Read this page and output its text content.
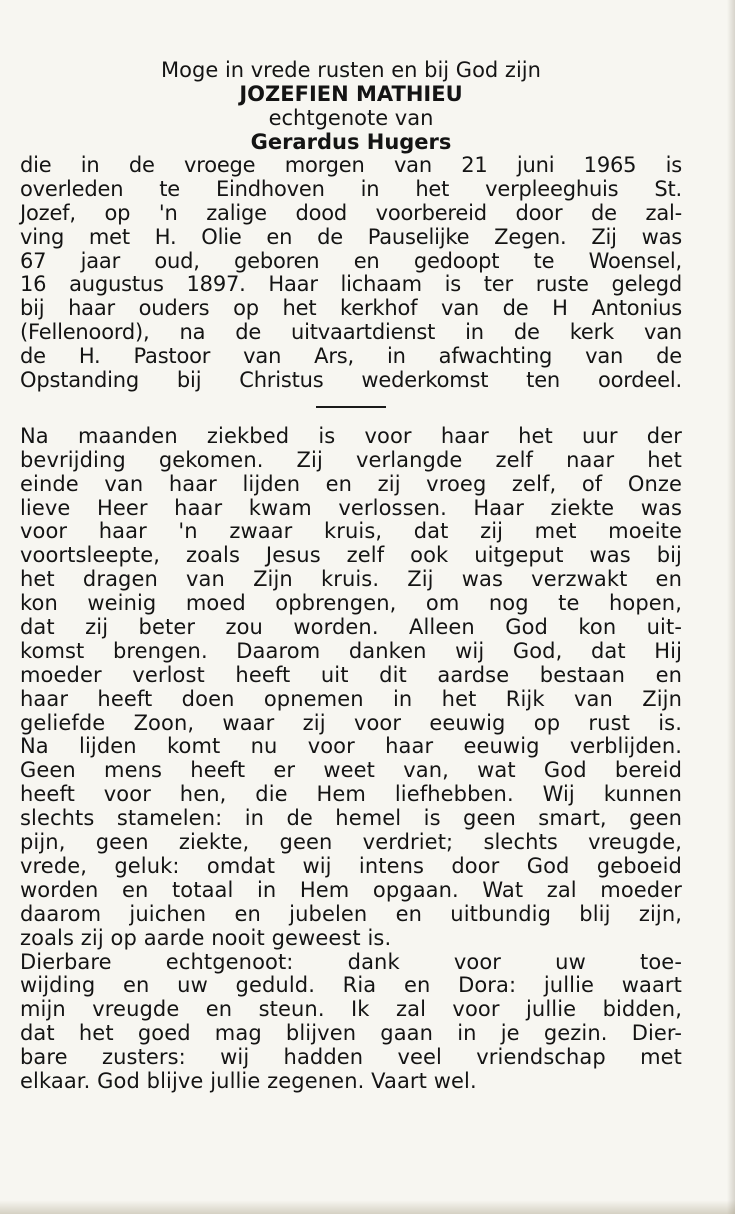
Moge in vrede rusten en bij God zijn
JOZEFIEN MATHIEU
echtgenote van
Gerardus Hugers
die in de vroege morgen van 21 juni 1965 is
overleden te Eindhoven in het verpleeghuis St.
Jozef, op 'n zalige dood voorbereid door de zal-
ving met H. Olie en de Pauselijke Zegen. Zij was
67 jaar oud, geboren en gedoopt te Woensel,
16 augustus 1897. Haar lichaam is ter ruste gelegd
bij haar ouders op het kerkhof van de H Antonius
(Fellenoord), na de uitvaartdienst in de kerk van
de H. Pastoor van Ars, in afwachting van de
Opstanding bij Christus wederkomst ten oordeel.
Na maanden ziekbed is voor haar het uur der
bevrijding gekomen. Zij verlangde zelf naar het
einde van haar lijden en zij vroeg zelf, of Onze
lieve Heer haar kwam verlossen. Haar ziekte was
voor haar 'n zwaar kruis, dat zij met moeite
voortsleepte, zoals Jesus zelf ook uitgeput was bij
het dragen van Zijn kruis. Zij was verzwakt en
kon weinig moed opbrengen, om nog te hopen,
dat zij beter zou worden. Alleen God kon uit-
komst brengen. Daarom danken wij God, dat Hij
moeder verlost heeft uit dit aardse bestaan en
haar heeft doen opnemen in het Rijk van Zijn
geliefde Zoon, waar zij voor eeuwig op rust is.
Na lijden komt nu voor haar eeuwig verblijden.
Geen mens heeft er weet van, wat God bereid
heeft voor hen, die Hem liefhebben. Wij kunnen
slechts stamelen: in de hemel is geen smart, geen
pijn, geen ziekte, geen verdriet; slechts vreugde,
vrede, geluk: omdat wij intens door God geboeid
worden en totaal in Hem opgaan. Wat zal moeder
daarom juichen en jubelen en uitbundig blij zijn,
zoals zij op aarde nooit geweest is.
Dierbare echtgenoot: dank voor uw toe-
wijding en uw geduld. Ria en Dora: jullie waart
mijn vreugde en steun. Ik zal voor jullie bidden,
dat het goed mag blijven gaan in je gezin. Dier-
bare zusters: wij hadden veel vriendschap met
elkaar. God blijve jullie zegenen. Vaart wel.
